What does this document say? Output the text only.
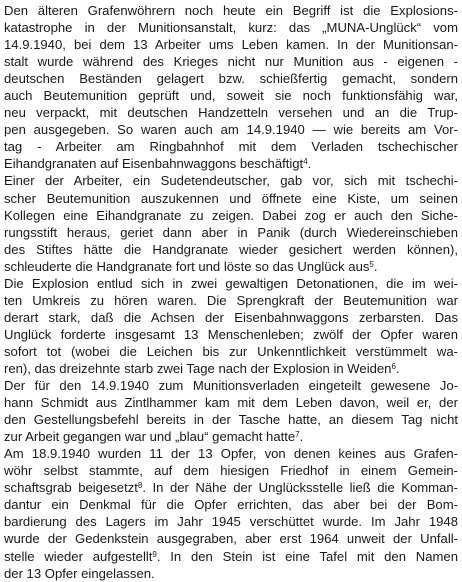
Den älteren Grafenwöhrern noch heute ein Begriff ist die Explosions-
katastrophe in der Munitionsanstalt, kurz: das „MUNA-Unglück“ vom
14.9.1940, bei dem 13 Arbeiter ums Leben kamen. In der Munitionsan-
stalt wurde während des Krieges nicht nur Munition aus - eigenen -
deutschen Beständen gelagert bzw. schießfertig gemacht, sondern
auch Beutemunition geprüft und, soweit sie noch funktionsfähig war,
neu verpackt, mit deutschen Handzetteln versehen und an die Trup-
pen ausgegeben. So waren auch am 14.9.1940 — wie bereits am Vor-
tag - Arbeiter am Ringbahnhof mit dem Verladen tschechischer
Eihandgranaten auf Eisenbahnwaggons beschäftigt$^4$.
Einer der Arbeiter, ein Sudetendeutscher, gab vor, sich mit tschechi-
scher Beutemunition auszukennen und öffnete eine Kiste, um seinen
Kollegen eine Eihandgranate zu zeigen. Dabei zog er auch den Siche-
rungsstift heraus, geriet dann aber in Panik (durch Wiedereinschieben
des Stiftes hätte die Handgranate wieder gesichert werden können),
schleuderte die Handgranate fort und löste so das Unglück aus$^5$.
Die Explosion entlud sich in zwei gewaltigen Detonationen, die im wei-
ten Umkreis zu hören waren. Die Sprengkraft der Beutemunition war
derart stark, daß die Achsen der Eisenbahnwaggons zerbarsten. Das
Unglück forderte insgesamt 13 Menschenleben; zwölf der Opfer waren
sofort tot (wobei die Leichen bis zur Unkenntlichkeit verstümmelt wa-
ren), das dreizehnte starb zwei Tage nach der Explosion in Weiden$^6$.
Der für den 14.9.1940 zum Munitionsverladen eingeteilt gewesene Jo-
hann Schmidt aus Zintlhammer kam mit dem Leben davon, weil er, der
den Gestellungsbefehl bereits in der Tasche hatte, an diesem Tag nicht
zur Arbeit gegangen war und „blau“ gemacht hatte$^7$.
Am 18.9.1940 wurden 11 der 13 Opfer, von denen keines aus Grafen-
wöhr selbst stammte, auf dem hiesigen Friedhof in einem Gemein-
schaftsgrab beigesetzt$^8$. In der Nähe der Unglücksstelle ließ die Komman-
dantur ein Denkmal für die Opfer errichten, das aber bei der Bom-
bardierung des Lagers im Jahr 1945 verschüttet wurde. Im Jahr 1948
wurde der Gedenkstein ausgegraben, aber erst 1964 unweit der Unfall-
stelle wieder aufgestellt$^9$. In den Stein ist eine Tafel mit den Namen
der 13 Opfer eingelassen.
